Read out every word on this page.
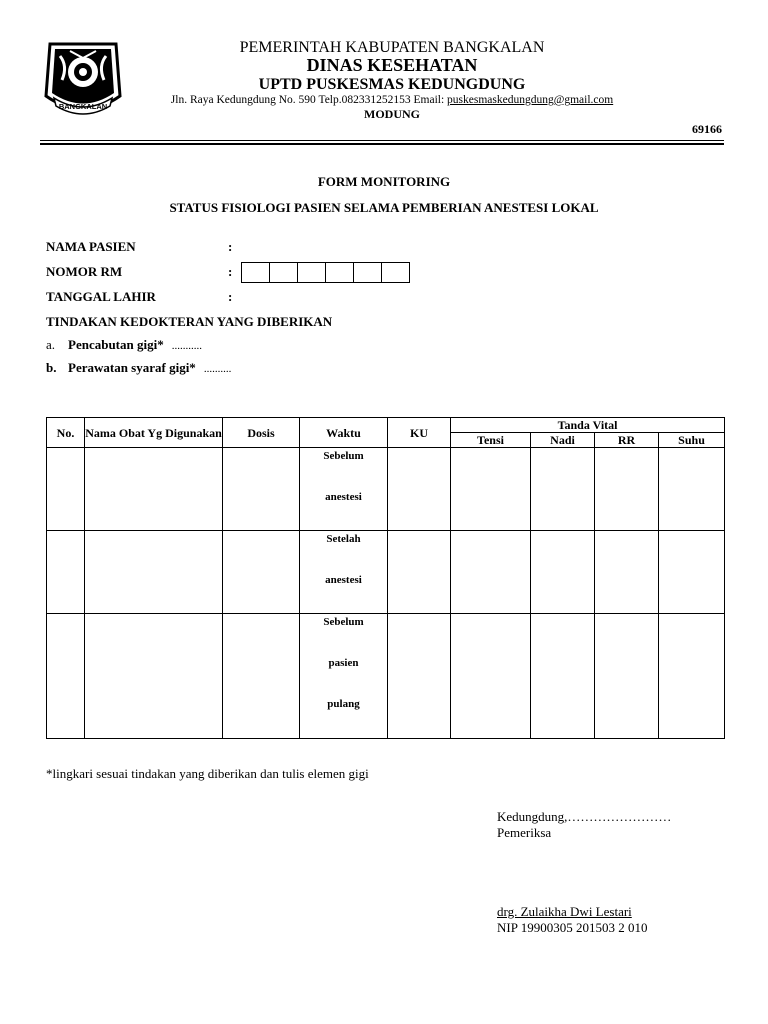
BANGKALAN
PEMERINTAH KABUPATEN BANGKALAN
DINAS KESEHATAN
UPTD PUSKESMAS KEDUNGDUNG
Jln. Raya Kedungdung No. 590 Telp.082331252153 Email: puskesmaskedungdung@gmail.com
MODUNG
69166
FORM MONITORING
STATUS FISIOLOGI PASIEN SELAMA PEMBERIAN ANESTESI LOKAL
NAMA PASIEN	:
NOMOR RM	:
TANGGAL LAHIR	:
TINDAKAN KEDOKTERAN YANG DIBERIKAN
a. Pencabutan gigi* ...........
b. Perawatan syaraf gigi* ..........
No.	Nama Obat Yg Digunakan	Dosis	Waktu	KU	Tanda Vital			
					Tensi	Nadi	RR	Suhu

			Sebelum
anestesi					

			Setelah
anestesi					

			Sebelum
pasien
pulang					

*lingkari sesuai tindakan yang diberikan dan tulis elemen gigi
Kedungdung,……………………
Pemeriksa
drg. Zulaikha Dwi Lestari
NIP 19900305 201503 2 010
